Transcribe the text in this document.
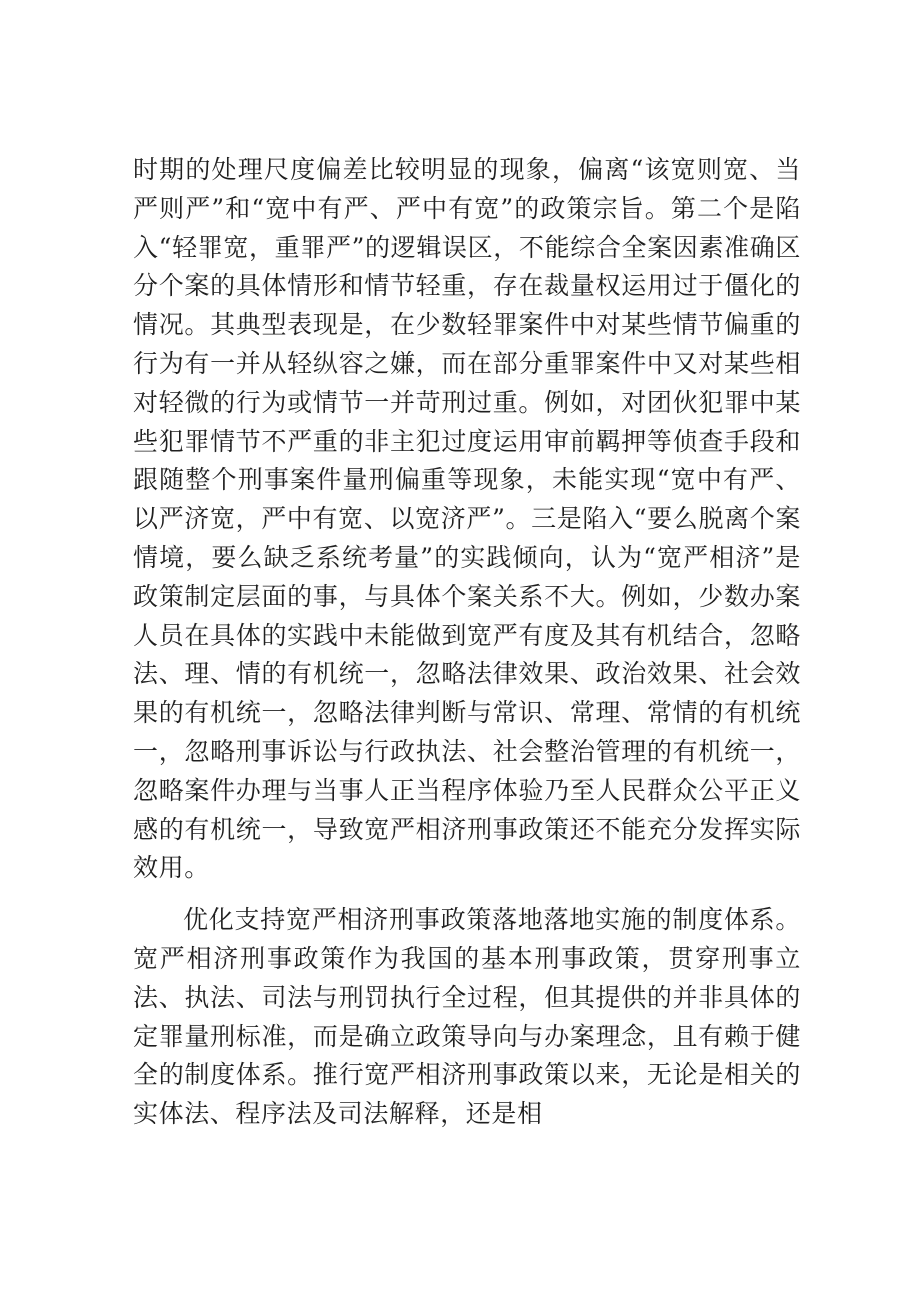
时期的处理尺度偏差比较明显的现象，偏离“该宽则宽、当严则严”和“宽中有严、严中有宽”的政策宗旨。第二个是陷入“轻罪宽，重罪严”的逻辑误区，不能综合全案因素准确区分个案的具体情形和情节轻重，存在裁量权运用过于僵化的情况。其典型表现是，在少数轻罪案件中对某些情节偏重的行为有一并从轻纵容之嫌，而在部分重罪案件中又对某些相对轻微的行为或情节一并苛刑过重。例如，对团伙犯罪中某些犯罪情节不严重的非主犯过度运用审前羁押等侦查手段和跟随整个刑事案件量刑偏重等现象，未能实现“宽中有严、以严济宽，严中有宽、以宽济严”。三是陷入“要么脱离个案情境，要么缺乏系统考量”的实践倾向，认为“宽严相济”是政策制定层面的事，与具体个案关系不大。例如，少数办案人员在具体的实践中未能做到宽严有度及其有机结合，忽略法、理、情的有机统一，忽略法律效果、政治效果、社会效果的有机统一，忽略法律判断与常识、常理、常情的有机统一，忽略刑事诉讼与行政执法、社会整治管理的有机统一，忽略案件办理与当事人正当程序体验乃至人民群众公平正义感的有机统一，导致宽严相济刑事政策还不能充分发挥实际效用。

优化支持宽严相济刑事政策落地落地实施的制度体系。宽严相济刑事政策作为我国的基本刑事政策，贯穿刑事立法、执法、司法与刑罚执行全过程，但其提供的并非具体的定罪量刑标准，而是确立政策导向与办案理念，且有赖于健全的制度体系。推行宽严相济刑事政策以来，无论是相关的实体法、程序法及司法解释，还是相
